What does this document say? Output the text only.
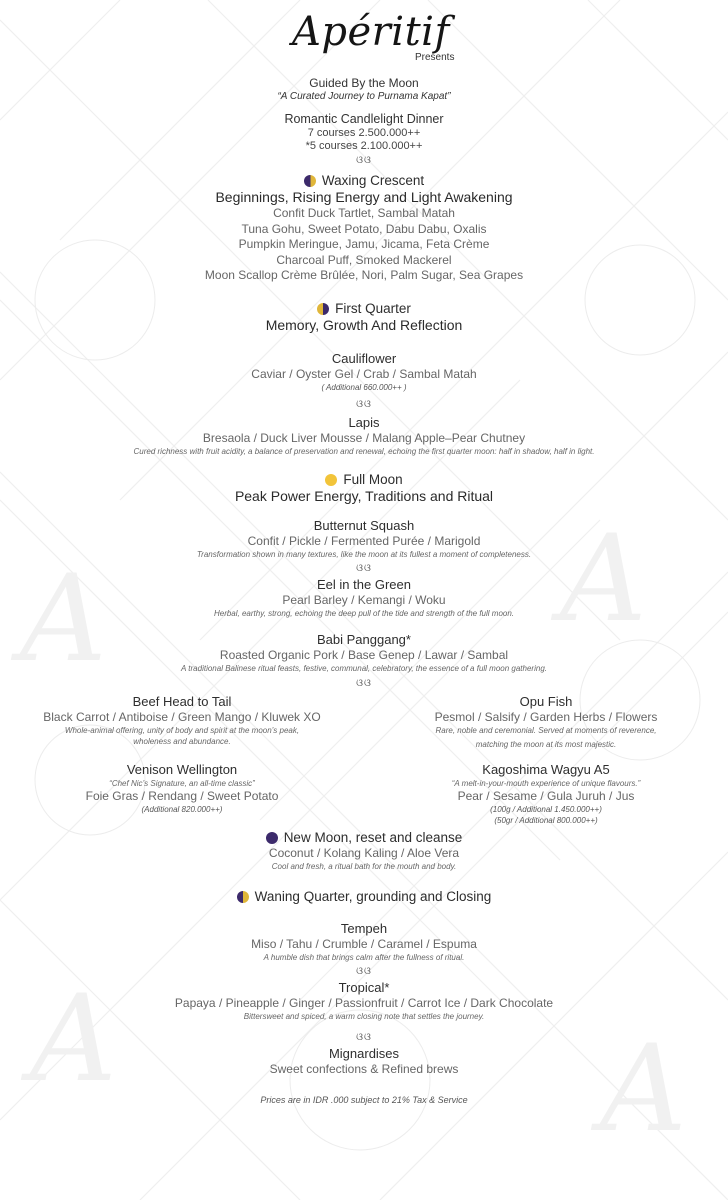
A	A
A	A
Apéritif
Presents
Guided By the Moon
“A Curated Journey to Purnama Kapat”
Romantic Candlelight Dinner
7 courses 2.500.000++
*5 courses 2.100.000++
ଓଓ
Waxing Crescent
Beginnings, Rising Energy and Light Awakening
Confit Duck Tartlet, Sambal Matah
Tuna Gohu, Sweet Potato, Dabu Dabu, Oxalis
Pumpkin Meringue, Jamu, Jicama, Feta Crème
Charcoal Puff, Smoked Mackerel
Moon Scallop Crème Brûlée, Nori, Palm Sugar, Sea Grapes
First Quarter
Memory, Growth And Reflection
Cauliflower
Caviar / Oyster Gel / Crab / Sambal Matah
( Additional 660.000++ )
ଓଓ
Lapis
Bresaola / Duck Liver Mousse / Malang Apple–Pear Chutney
Cured richness with fruit acidity, a balance of preservation and renewal, echoing the first quarter moon: half in shadow, half in light.
Full Moon
Peak Power Energy, Traditions and Ritual
Butternut Squash
Confit / Pickle / Fermented Purée / Marigold
Transformation shown in many textures, like the moon at its fullest a moment of completeness.
ଓଓ
Eel in the Green
Pearl Barley / Kemangi / Woku
Herbal, earthy, strong, echoing the deep pull of the tide and strength of the full moon.
Babi Panggang*
Roasted Organic Pork / Base Genep / Lawar / Sambal
A traditional Balinese ritual feasts, festive, communal, celebratory, the essence of a full moon gathering.
ଓଓ
Beef Head to Tail
Black Carrot / Antiboise / Green Mango / Kluwek XO
Whole-animal offering, unity of body and spirit at the moon’s peak,
wholeness and abundance.
Opu Fish
Pesmol / Salsify / Garden Herbs / Flowers
Rare, noble and ceremonial. Served at moments of reverence,
matching the moon at its most majestic.
Venison Wellington
“Chef Nic’s Signature, an all-time classic”
Foie Gras / Rendang / Sweet Potato
(Additional 820.000++)
Kagoshima Wagyu A5
“A melt-in-your-mouth experience of unique flavours.”
Pear / Sesame / Gula Juruh / Jus
(100g / Additional 1.450.000++)
(50gr / Additional 800.000++)
New Moon, reset and cleanse
Coconut / Kolang Kaling / Aloe Vera
Cool and fresh, a ritual bath for the mouth and body.
Waning Quarter, grounding and Closing
Tempeh
Miso / Tahu / Crumble / Caramel / Espuma
A humble dish that brings calm after the fullness of ritual.
ଓଓ
Tropical*
Papaya / Pineapple / Ginger / Passionfruit / Carrot Ice / Dark Chocolate
Bittersweet and spiced, a warm closing note that settles the journey.
ଓଓ
Mignardises
Sweet confections & Refined brews
Prices are in IDR .000 subject to 21% Tax & Service
